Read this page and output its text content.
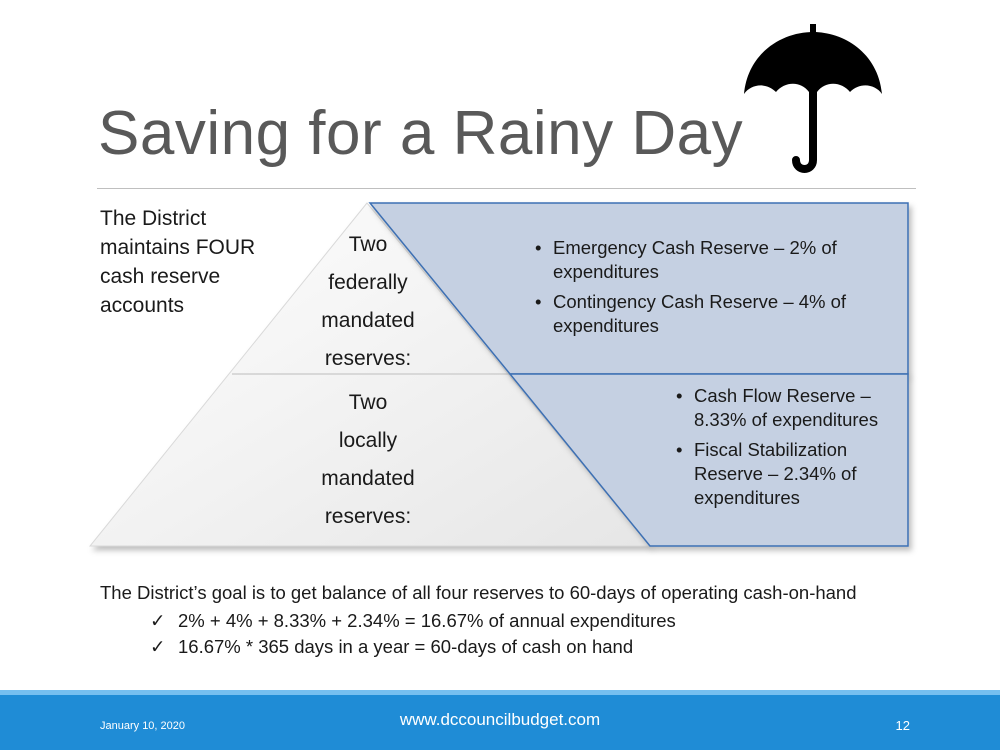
Saving for a Rainy Day
The District
maintains FOUR
cash reserve
accounts
Two
federally
mandated
reserves:
Two
locally
mandated
reserves:
• Emergency Cash Reserve – 2% of expenditures
• Contingency Cash Reserve – 4% of expenditures
• Cash Flow Reserve – 8.33% of expenditures
• Fiscal Stabilization Reserve – 2.34% of expenditures
The District’s goal is to get balance of all four reserves to 60-days of operating cash-on-hand
✓ 2% + 4% + 8.33% + 2.34% = 16.67% of annual expenditures
✓ 16.67% * 365 days in a year = 60-days of cash on hand
January 10, 2020	www.dccouncilbudget.com	12
